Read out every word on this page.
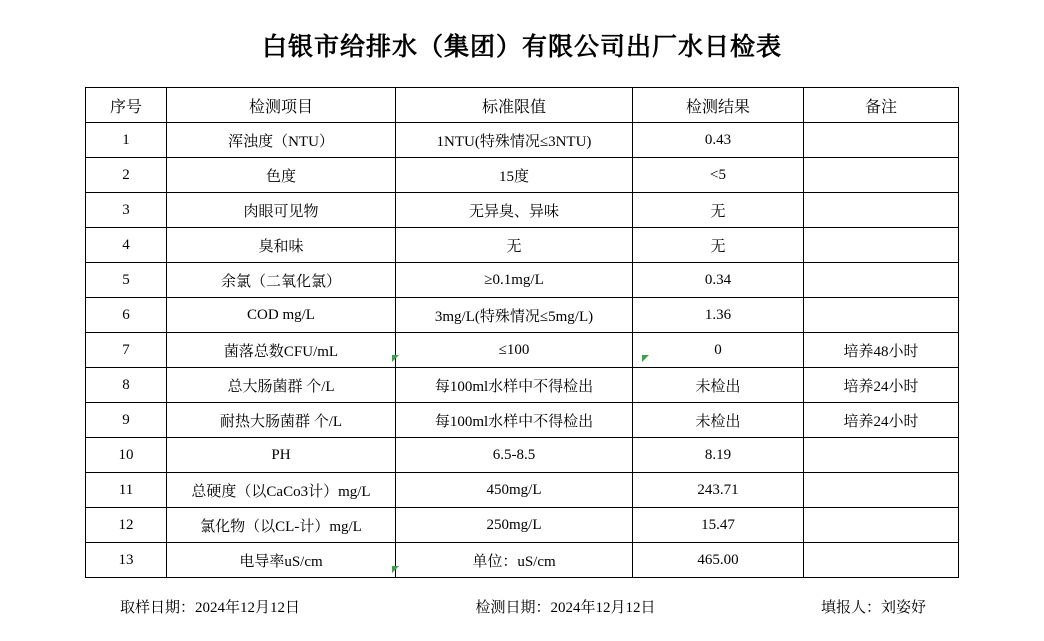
白银市给排水（集团）有限公司出厂水日检表
序号	检测项目	标准限值	检测结果	备注
1	浑浊度（NTU）	1NTU(特殊情况≤3NTU)	0.43	
2	色度	15度	<5	
3	肉眼可见物	无异臭、异味	无	
4	臭和味	无	无	
5	余氯（二氧化氯）	≥0.1mg/L	0.34	
6	COD mg/L	3mg/L(特殊情况≤5mg/L)	1.36	
7	菌落总数CFU/mL	≤100	0	培养48小时
8	总大肠菌群 个/L	每100ml水样中不得检出	未检出	培养24小时
9	耐热大肠菌群 个/L	每100ml水样中不得检出	未检出	培养24小时
10	PH	6.5-8.5	8.19	
11	总硬度（以CaCo3计）mg/L	450mg/L	243.71	
12	氯化物（以CL-计）mg/L	250mg/L	15.47	
13	电导率uS/cm	单位：uS/cm	465.00	
取样日期：2024年12月12日	检测日期：2024年12月12日	填报人：刘姿妤
